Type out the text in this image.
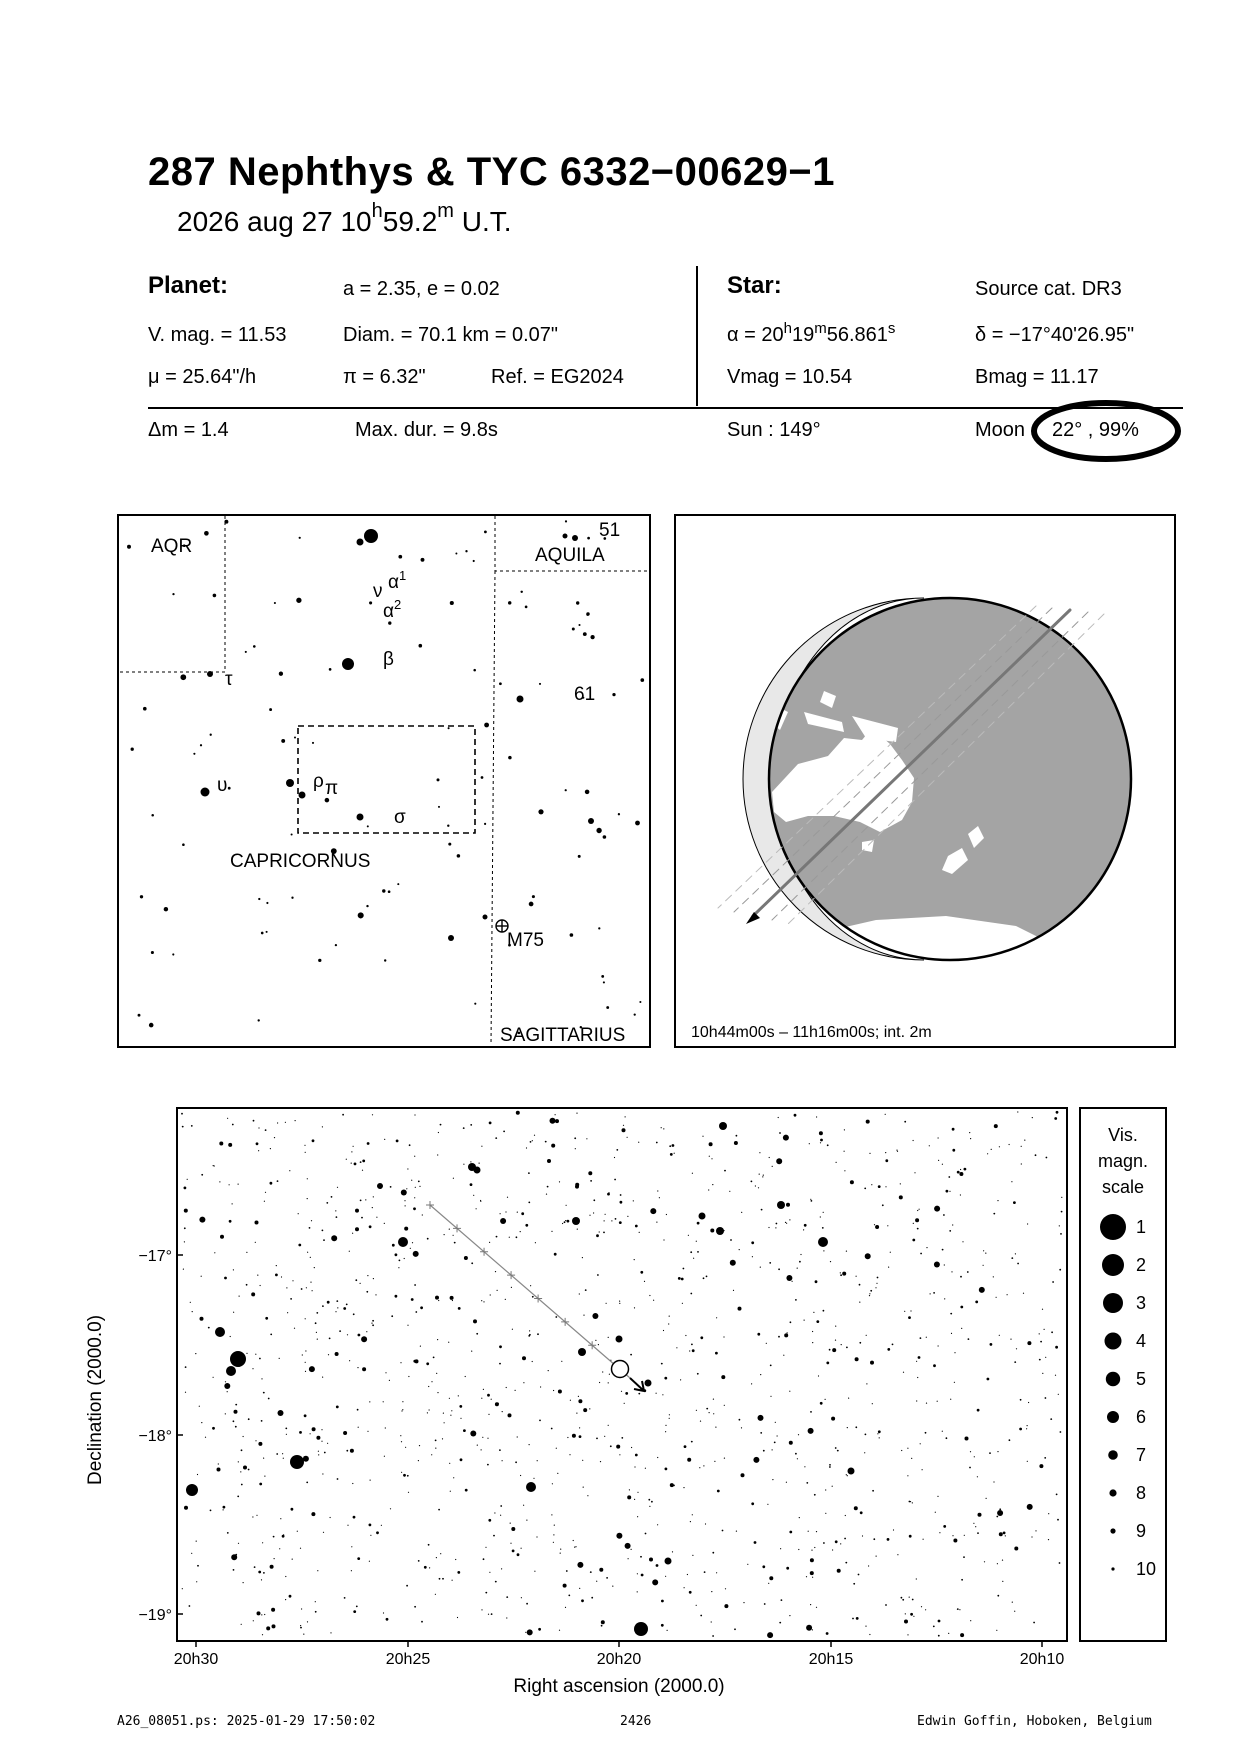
287 Nephthys & TYC 6332−00629−1
2026 aug 27 10$^h$59.2$^m$ U.T.
Planet:	a = 2.35, e = 0.02
V. mag. = 11.53	Diam. = 70.1 km = 0.07"
μ = 25.64"/h	π = 6.32"	Ref. = EG2024
Star:	Source cat. DR3
$\alpha = 20^h19^m56.861^s$	δ = −17°40'26.95"
Vmag = 10.54	Bmag = 11.17
Δm = 1.4	Max. dur. = 9.8s	Sun : 149°	Moon 22° , 99%
AQR	AQUILA
CAPRICORNUS
SAGITTARIUS
51
61
M75
$\alpha^1$
$\alpha^2$
ν
β
τ
ρ π
σ
υ
10h44m00s – 11h16m00s; int. 2m
−17°
−18°
−19°
Declination (2000.0)
20h30	20h25	20h20	20h15	20h10
Right ascension (2000.0)
Vis.
magn.
scale
1
2
3
4
5
6
7
8
9
10
A26_08051.ps: 2025-01-29 17:50:02	2426	Edwin Goffin, Hoboken, Belgium
